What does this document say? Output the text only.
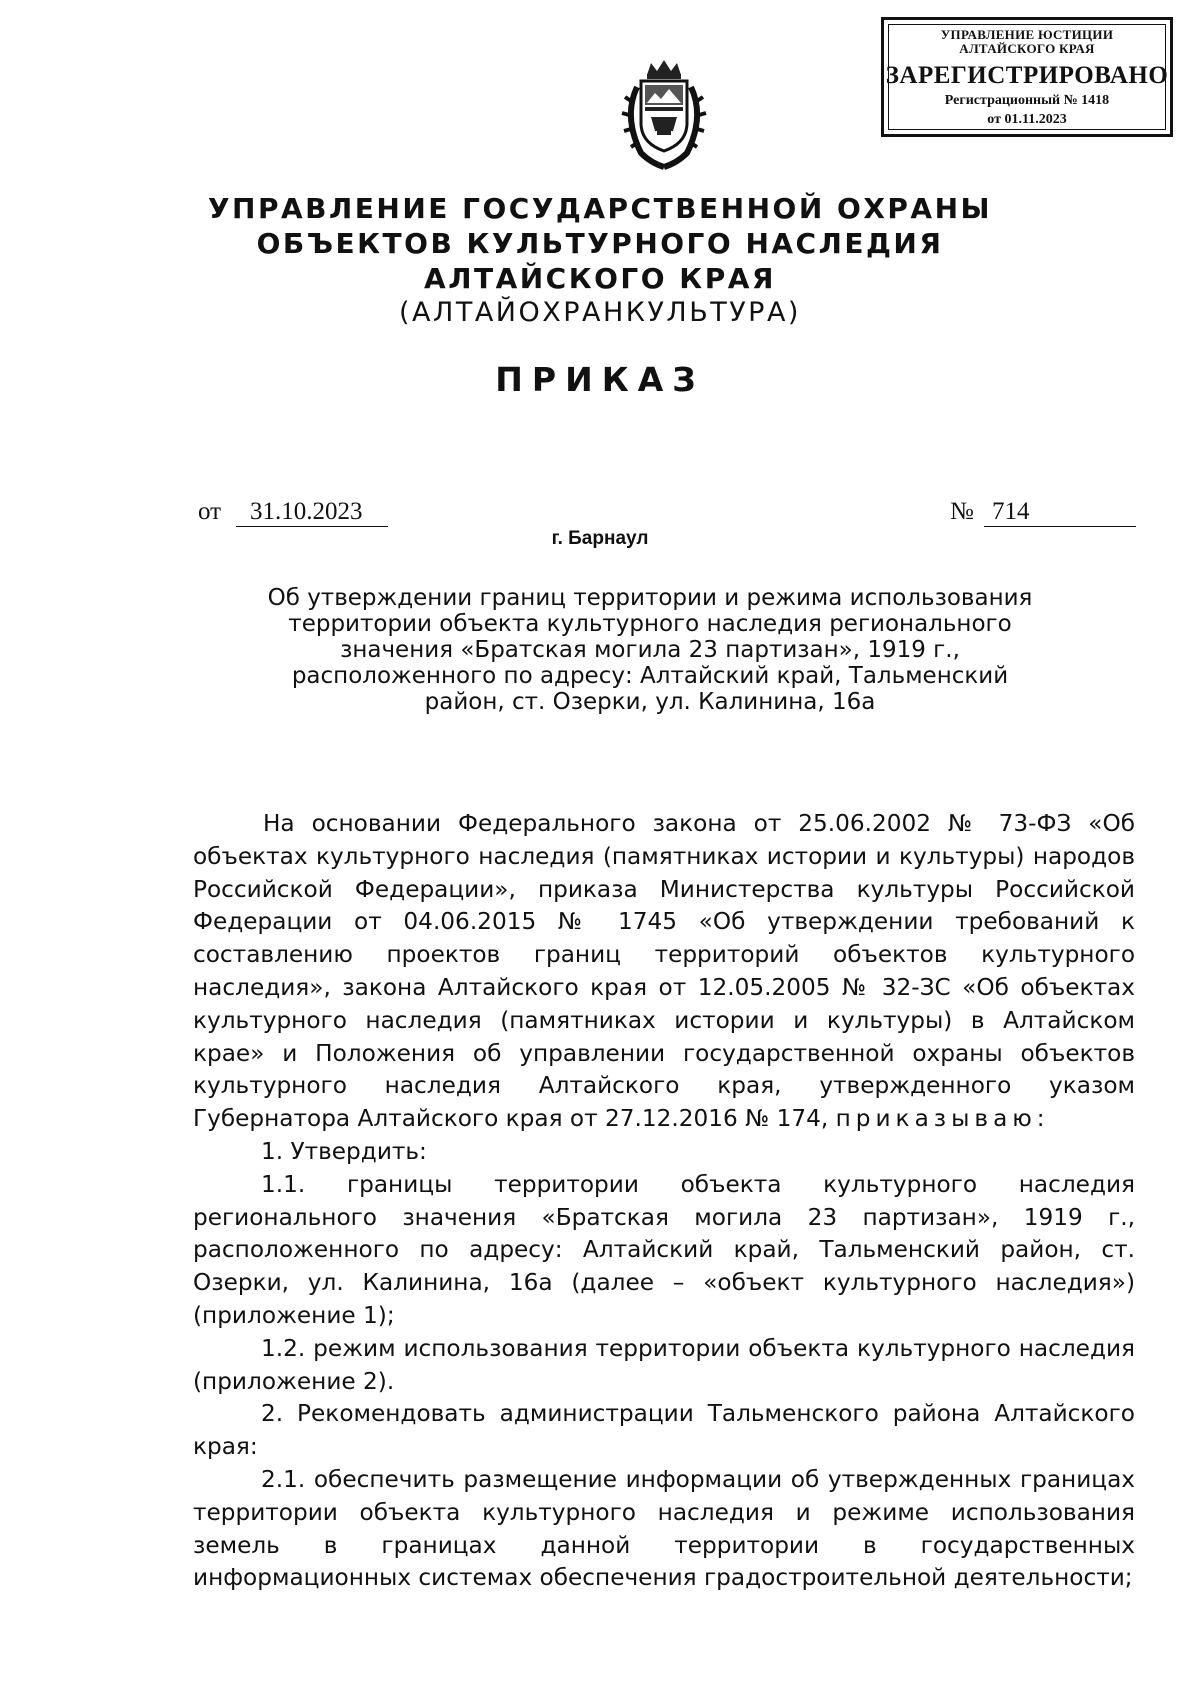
УПРАВЛЕНИЕ ЮСТИЦИИ
АЛТАЙСКОГО КРАЯ
ЗАРЕГИСТРИРОВАНО
Регистрационный № 1418
от 01.11.2023
УПРАВЛЕНИЕ ГОСУДАРСТВЕННОЙ ОХРАНЫ
ОБЪЕКТОВ КУЛЬТУРНОГО НАСЛЕДИЯ
АЛТАЙСКОГО КРАЯ
(АЛТАЙОХРАНКУЛЬТУРА)
ПРИКАЗ
от	31.10.2023	№ 714
г. Барнаул
Об утверждении границ территории и режима использования
территории объекта культурного наследия регионального
значения «Братская могила 23 партизан», 1919 г.,
расположенного по адресу: Алтайский край, Тальменский
район, ст. Озерки, ул. Калинина, 16а

На основании Федерального закона от 25.06.2002 № 73-ФЗ «Об объектах культурного наследия (памятниках истории и культуры) народов Российской Федерации», приказа Министерства культуры Российской Федерации от 04.06.2015 № 1745 «Об утверждении требований к составлению проектов границ территорий объектов культурного наследия», закона Алтайского края от 12.05.2005 № 32-ЗС «Об объектах культурного наследия (памятниках истории и культуры) в Алтайском крае» и Положения об управлении государственной охраны объектов культурного наследия Алтайского края, утвержденного указом Губернатора Алтайского края от 27.12.2016 № 174, приказываю:

1. Утвердить:

1.1. границы территории объекта культурного наследия регионального значения «Братская могила 23 партизан», 1919 г., расположенного по адресу: Алтайский край, Тальменский район, ст. Озерки, ул. Калинина, 16а (далее – «объект культурного наследия») (приложение 1);

1.2. режим использования территории объекта культурного наследия (приложение 2).

2. Рекомендовать администрации Тальменского района Алтайского края:

2.1. обеспечить размещение информации об утвержденных границах территории объекта культурного наследия и режиме использования земель в границах данной территории в государственных информационных системах обеспечения градостроительной деятельности;
